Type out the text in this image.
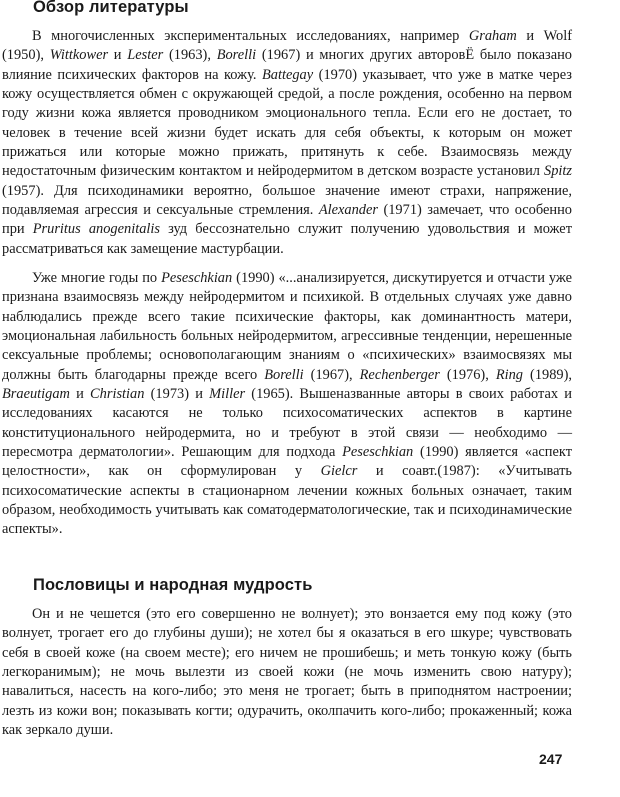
Обзор литературы

В многочисленных экспериментальных исследованиях, например Graham и Wolf (1950), Wittkower и Lester (1963), Borelli (1967) и многих других авторовЁ было показано влияние психических факторов на кожу. Battegay (1970) указывает, что уже в матке через кожу осуществляется обмен с окружающей средой, а после рождения, особенно на первом году жизни кожа является проводником эмоционального тепла. Если его не достает, то человек в течение всей жизни будет искать для себя объекты, к которым он может прижаться или которые можно прижать, притянуть к себе. Взаимосвязь между недостаточным физическим контактом и нейродермитом в детском возрасте установил Spitz (1957). Для психодинамики вероятно, большое значение имеют страхи, напряжение, подавляемая агрессия и сексуальные стремления. Alexander (1971) замечает, что особенно при Pruritus anogenitalis зуд бессознательно служит получению удовольствия и может рассматриваться как замещение мастурбации.

Уже многие годы по Peseschkian (1990) «...анализируется, дискутируется и отчасти уже признана взаимосвязь между нейродермитом и психикой. В отдельных случаях уже давно наблюдались прежде всего такие психические факторы, как доминантность матери, эмоциональная лабильность больных нейродермитом, агрессивные тенденции, нерешенные сексуальные проблемы; основополагающим знаниям о «психических» взаимосвязях мы должны быть благодарны прежде всего Borelli (1967), Rechenberger (1976), Ring (1989), Braeutigam и Christian (1973) и Miller (1965). Вышеназванные авторы в своих работах и исследованиях касаются не только психосоматических аспектов в картине конституционального нейродермита, но и требуют в этой связи — необходимо — пересмотра дерматологии». Решающим для подхода Peseschkian (1990) является «аспект целостности», как он сформулирован у Gielcr и соавт.(1987): «Учитывать психосоматические аспекты в стационарном лечении кожных больных означает, таким образом, необходимость учитывать как соматодерматологические, так и психодинамические аспекты».

Пословицы и народная мудрость

Он и не чешется (это его совершенно не волнует); это вонзается ему под кожу (это волнует, трогает его до глубины души); не хотел бы я оказаться в его шкуре; чувствовать себя в своей коже (на своем месте); его ничем не прошибешь; и меть тонкую кожу (быть легкоранимым); не мочь вылезти из своей кожи (не мочь изменить свою натуру); навалиться, насесть на кого-либо; это меня не трогает; быть в приподнятом настроении; лезть из кожи вон; показывать когти; одурачить, околпачить кого-либо; прокаженный; кожа как зеркало души.

247
